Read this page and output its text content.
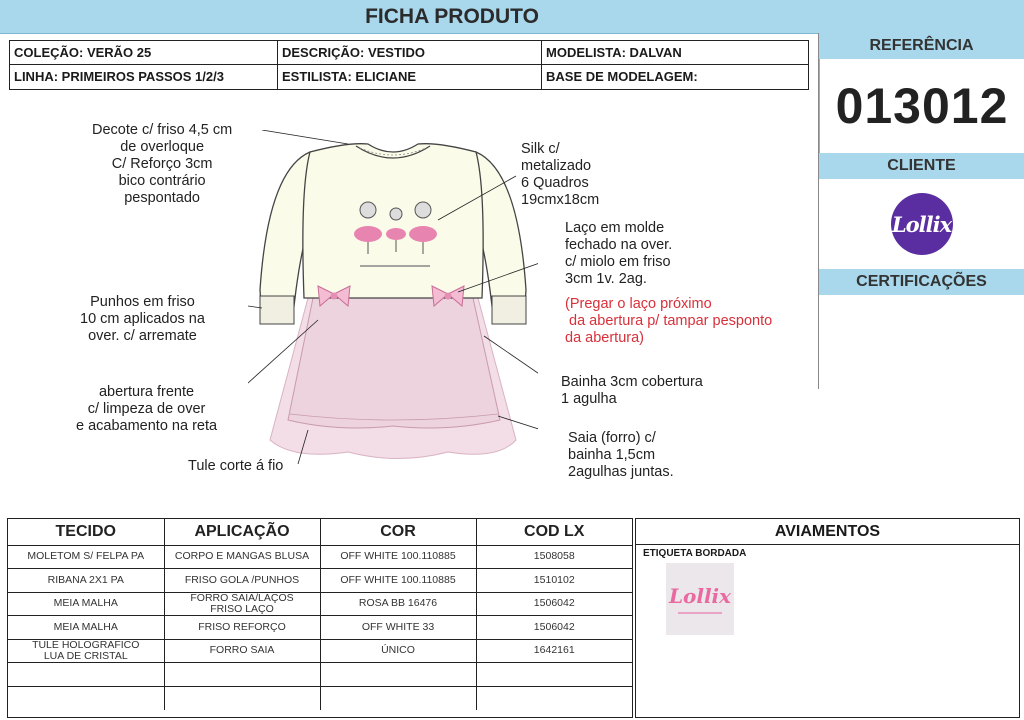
FICHA PRODUTO
COLEÇÃO: VERÃO 25	DESCRIÇÃO: VESTIDO	MODELISTA: DALVAN
LINHA: PRIMEIROS PASSOS 1/2/3	ESTILISTA: ELICIANE	BASE DE MODELAGEM:
REFERÊNCIA
013012
CLIENTE
Lollix
CERTIFICAÇÕES
Decote c/ friso 4,5 cm
de overloque
C/ Reforço 3cm
bico contrário
pespontado
Silk c/
metalizado
6 Quadros
19cmx18cm
Laço em molde
fechado na over.
c/ miolo em friso
3cm 1v. 2ag.
(Pregar o laço próximo
da abertura p/ tampar pesponto
da abertura)
Punhos em friso
10 cm aplicados na
over. c/ arremate
abertura frente
c/ limpeza de over
e acabamento na reta
Bainha 3cm cobertura
1 agulha
Saia (forro) c/
bainha 1,5cm
2agulhas juntas.
Tule corte á fio
TECIDO	APLICAÇÃO	COR	COD LX
MOLETOM S/ FELPA PA	CORPO E MANGAS BLUSA	OFF WHITE 100.110885	1508058
RIBANA 2X1 PA	FRISO GOLA /PUNHOS	OFF WHITE 100.110885	1510102
MEIA MALHA	FORRO SAIA/LAÇOS
FRISO LAÇO	ROSA BB 16476	1506042
MEIA MALHA	FRISO REFORÇO	OFF WHITE 33	1506042
TULE HOLOGRAFICO
LUA DE CRISTAL	FORRO SAIA	ÚNICO	1642161

AVIAMENTOS
ETIQUETA BORDADA
Lollix
